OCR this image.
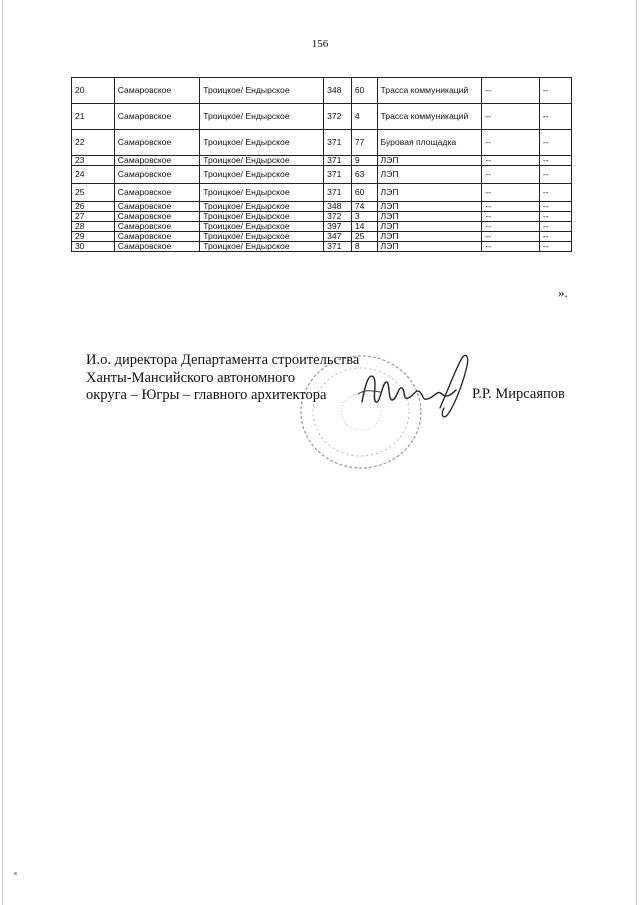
156
20	Самаровское	Троицкое/ Ендырское	348	60	Трасса коммуникаций	--	--
21	Самаровское	Троицкое/ Ендырское	372	4	Трасса коммуникаций	--	--
22	Самаровское	Троицкое/ Ендырское	371	77	Буровая площадка	--	--
23	Самаровское	Троицкое/ Ендырское	371	9	ЛЭП	--	--
24	Самаровское	Троицкое/ Ендырское	371	63	ЛЭП	--	--
25	Самаровское	Троицкое/ Ендырское	371	60	ЛЭП	--	--
26	Самаровское	Троицкое/ Ендырское	348	74	ЛЭП	--	--
27	Самаровское	Троицкое/ Ендырское	372	3	ЛЭП	--	--
28	Самаровское	Троицкое/ Ендырское	397	14	ЛЭП	--	--
29	Самаровское	Троицкое/ Ендырское	347	25	ЛЭП	--	--
30	Самаровское	Троицкое/ Ендырское	371	8	ЛЭП	--	--
».
И.о. директора Департамента строительства
Ханты-Мансийского автономного
округа – Югры – главного архитектора	Р.Р. Мирсаяпов
